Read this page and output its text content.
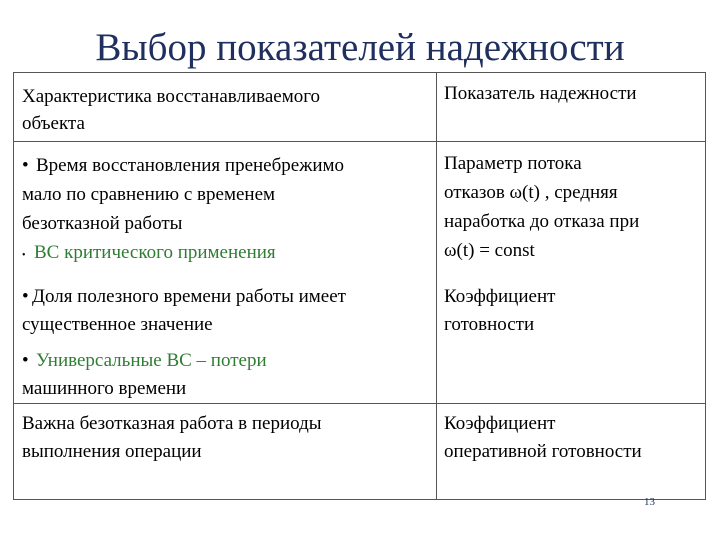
Выбор показателей надежности
Характеристика восстанавливаемого
объекта
Показатель надежности
• Время восстановления пренебрежимо
мало по сравнению с временем
безотказной работы
• ВС критического применения
Параметр потока
отказов ω(t) , средняя
наработка до отказа при
ω(t) = const
• Доля полезного времени работы имеет
существенное значение
• Универсальные ВС – потери
машинного времени
Коэффициент
готовности
Важна безотказная работа в периоды
выполнения операции
Коэффициент
оперативной готовности
13
